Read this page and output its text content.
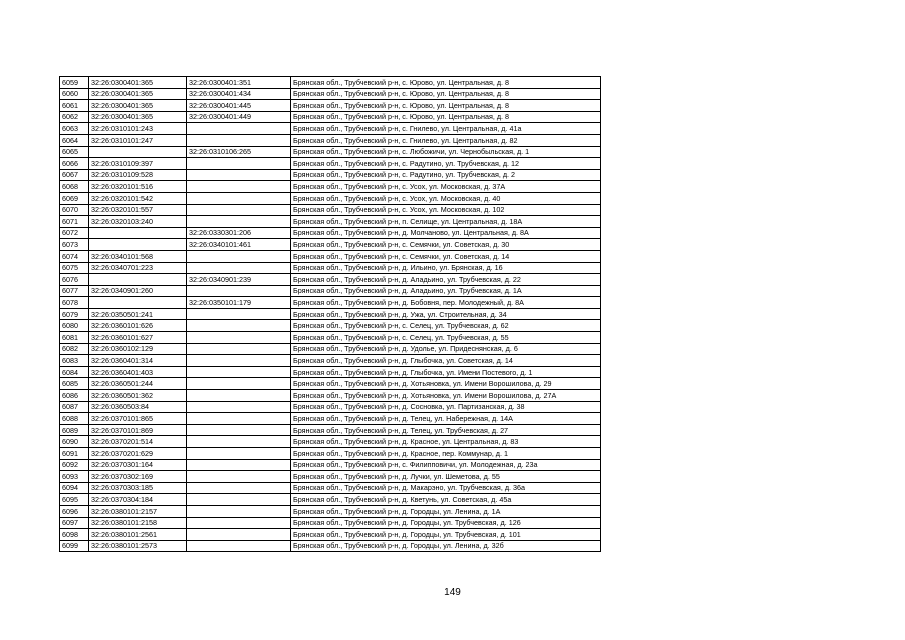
6059	32:26:0300401:365	32:26:0300401:351	Брянская обл., Трубчевский р-н, с. Юрово, ул. Центральная, д. 8
6060	32:26:0300401:365	32:26:0300401:434	Брянская обл., Трубчевский р-н, с. Юрово, ул. Центральная, д. 8
6061	32:26:0300401:365	32:26:0300401:445	Брянская обл., Трубчевский р-н, с. Юрово, ул. Центральная, д. 8
6062	32:26:0300401:365	32:26:0300401:449	Брянская обл., Трубчевский р-н, с. Юрово, ул. Центральная, д. 8
6063	32:26:0310101:243		Брянская обл., Трубчевский р-н, с. Гнилево, ул. Центральная, д. 41а
6064	32:26:0310101:247		Брянская обл., Трубчевский р-н, с. Гнилево, ул. Центральная, д. 82
6065		32:26:0310106:265	Брянская обл., Трубчевский р-н, с. Любожичи, ул. Чернобыльская, д. 1
6066	32:26:0310109:397		Брянская обл., Трубчевский р-н, с. Радутино, ул. Трубчевская, д. 12
6067	32:26:0310109:528		Брянская обл., Трубчевский р-н, с. Радутино, ул. Трубчевская, д. 2
6068	32:26:0320101:516		Брянская обл., Трубчевский р-н, с. Усох, ул. Московская, д. 37А
6069	32:26:0320101:542		Брянская обл., Трубчевский р-н, с. Усох, ул. Московская, д. 40
6070	32:26:0320101:557		Брянская обл., Трубчевский р-н, с. Усох, ул. Московская, д. 102
6071	32:26:0320103:240		Брянская обл., Трубчевский р-н, п. Селище, ул. Центральная, д. 18А
6072		32:26:0330301:206	Брянская обл., Трубчевский р-н, д. Молчаново, ул. Центральная, д. 8А
6073		32:26:0340101:461	Брянская обл., Трубчевский р-н, с. Семячки, ул. Советская, д. 30
6074	32:26:0340101:568		Брянская обл., Трубчевский р-н, с. Семячки, ул. Советская, д. 14
6075	32:26:0340701:223		Брянская обл., Трубчевский р-н, д. Ильино, ул. Брянская, д. 16
6076		32:26:0340901:239	Брянская обл., Трубчевский р-н, д. Аладьино, ул. Трубчевская, д. 22
6077	32:26:0340901:260		Брянская обл., Трубчевский р-н, д. Аладьино, ул. Трубчевская, д. 1А
6078		32:26:0350101:179	Брянская обл., Трубчевский р-н, д. Бобовня, пер. Молодежный, д. 8А
6079	32:26:0350501:241		Брянская обл., Трубчевский р-н, д. Ужа, ул. Строительная, д. 34
6080	32:26:0360101:626		Брянская обл., Трубчевский р-н, с. Селец, ул. Трубчевская, д. 62
6081	32:26:0360101:627		Брянская обл., Трубчевский р-н, с. Селец, ул. Трубчевская, д. 55
6082	32:26:0360102:129		Брянская обл., Трубчевский р-н, д. Удолье, ул. Придеснянская, д. 6
6083	32:26:0360401:314		Брянская обл., Трубчевский р-н, д. Глыбочка, ул. Советская, д. 14
6084	32:26:0360401:403		Брянская обл., Трубчевский р-н, д. Глыбочка, ул. Имени Постевого, д. 1
6085	32:26:0360501:244		Брянская обл., Трубчевский р-н, д. Хотьяновка, ул. Имени Ворошилова, д. 29
6086	32:26:0360501:362		Брянская обл., Трубчевский р-н, д. Хотьяновка, ул. Имени Ворошилова, д. 27А
6087	32:26:0360503:84		Брянская обл., Трубчевский р-н, д. Сосновка, ул. Партизанская, д. 38
6088	32:26:0370101:865		Брянская обл., Трубчевский р-н, д. Телец, ул. Набережная, д. 14А
6089	32:26:0370101:869		Брянская обл., Трубчевский р-н, д. Телец, ул. Трубчевская, д. 27
6090	32:26:0370201:514		Брянская обл., Трубчевский р-н, д. Красное, ул. Центральная, д. 83
6091	32:26:0370201:629		Брянская обл., Трубчевский р-н, д. Красное, пер. Коммунар, д. 1
6092	32:26:0370301:164		Брянская обл., Трубчевский р-н, с. Филипповичи, ул. Молодежная, д. 23а
6093	32:26:0370302:169		Брянская обл., Трубчевский р-н, д. Лучки, ул. Шеметова, д. 55
6094	32:26:0370303:185		Брянская обл., Трубчевский р-н, д. Макарэно, ул. Трубчевская, д. 36а
6095	32:26:0370304:184		Брянская обл., Трубчевский р-н, д. Кветунь, ул. Советская, д. 45а
6096	32:26:0380101:2157		Брянская обл., Трубчевский р-н, д. Городцы, ул. Ленина, д. 1А
6097	32:26:0380101:2158		Брянская обл., Трубчевский р-н, д. Городцы, ул. Трубчевская, д. 126
6098	32:26:0380101:2561		Брянская обл., Трубчевский р-н, д. Городцы, ул. Трубчевская, д. 101
6099	32:26:0380101:2573		Брянская обл., Трубчевский р-н, д. Городцы, ул. Ленина, д. 32б
149
